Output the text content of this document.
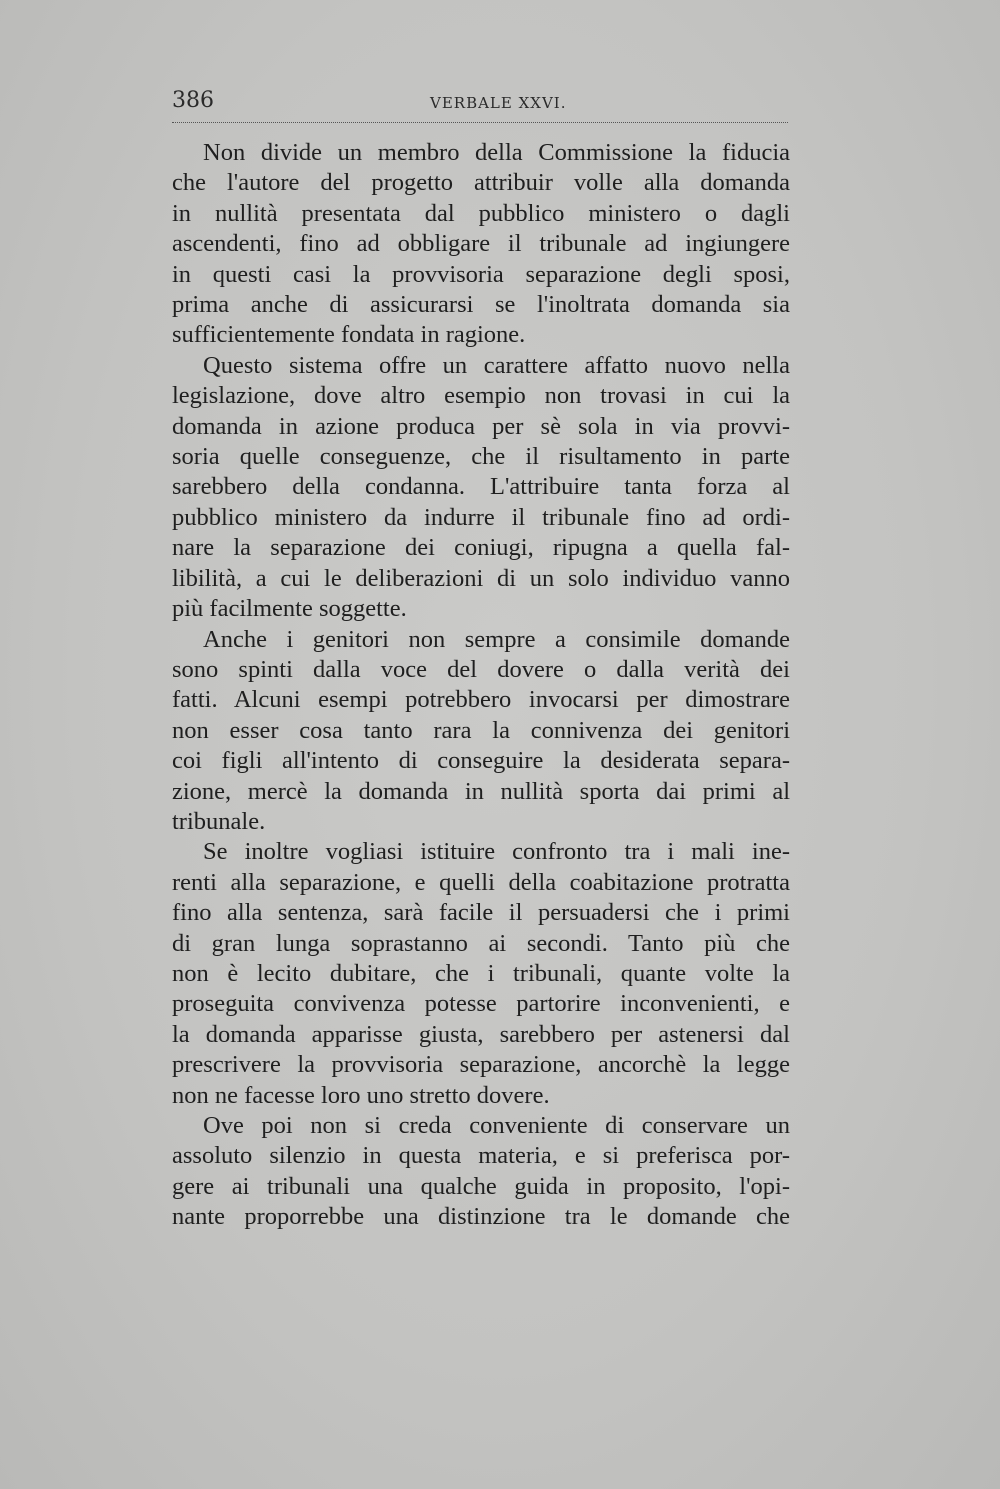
386	VERBALE XXVI.
Non divide un membro della Commissione la fiducia
che l'autore del progetto attribuir volle alla domanda
in nullità presentata dal pubblico ministero o dagli
ascendenti, fino ad obbligare il tribunale ad ingiungere
in questi casi la provvisoria separazione degli sposi,
prima anche di assicurarsi se l'inoltrata domanda sia
sufficientemente fondata in ragione.
Questo sistema offre un carattere affatto nuovo nella
legislazione, dove altro esempio non trovasi in cui la
domanda in azione produca per sè sola in via provvi-
soria quelle conseguenze, che il risultamento in parte
sarebbero della condanna. L'attribuire tanta forza al
pubblico ministero da indurre il tribunale fino ad ordi-
nare la separazione dei coniugi, ripugna a quella fal-
libilità, a cui le deliberazioni di un solo individuo vanno
più facilmente soggette.
Anche i genitori non sempre a consimile domande
sono spinti dalla voce del dovere o dalla verità dei
fatti. Alcuni esempi potrebbero invocarsi per dimostrare
non esser cosa tanto rara la connivenza dei genitori
coi figli all'intento di conseguire la desiderata separa-
zione, mercè la domanda in nullità sporta dai primi al
tribunale.
Se inoltre vogliasi istituire confronto tra i mali ine-
renti alla separazione, e quelli della coabitazione protratta
fino alla sentenza, sarà facile il persuadersi che i primi
di gran lunga soprastanno ai secondi. Tanto più che
non è lecito dubitare, che i tribunali, quante volte la
proseguita convivenza potesse partorire inconvenienti, e
la domanda apparisse giusta, sarebbero per astenersi dal
prescrivere la provvisoria separazione, ancorchè la legge
non ne facesse loro uno stretto dovere.
Ove poi non si creda conveniente di conservare un
assoluto silenzio in questa materia, e si preferisca por-
gere ai tribunali una qualche guida in proposito, l'opi-
nante proporrebbe una distinzione tra le domande che
